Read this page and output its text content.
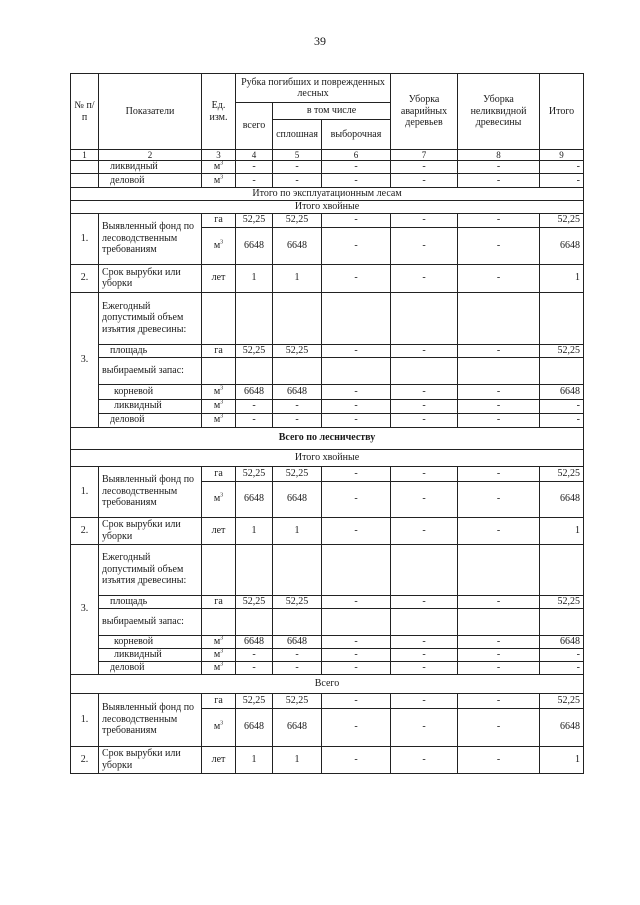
39
№ п/п	Показатели	Ед. изм.	Рубка погибших и поврежденных лесных			Уборка аварийных деревьев	Уборка неликвидной древесины	Итого
			всего	в том числе				
				сплошная	выборочная			
1	2	3	4	5	6	7	8	9
	ликвидный	$м^3$	-	-	-	-	-	-
	деловой	$м^3$	-	-	-	-	-	-
Итого по эксплуатационным лесам								
Итого хвойные								
1.	Выявленный фонд по лесоводственным требованиям	га	52,25	52,25	-	-	-	52,25
		$м^3$	6648	6648	-	-	-	6648
2.	Срок вырубки или уборки	лет	1	1	-	-	-	1
3.	Ежегодный допустимый объем изъятия древесины:							
	площадь	га	52,25	52,25	-	-	-	52,25
	выбираемый запас:							
	корневой	$м^3$	6648	6648	-	-	-	6648
	ликвидный	$м^3$	-	-	-	-	-	-
	деловой	$м^3$	-	-	-	-	-	-
Всего по лесничеству								
Итого хвойные								
1.	Выявленный фонд по лесоводственным требованиям	га	52,25	52,25	-	-	-	52,25
		$м^3$	6648	6648	-	-	-	6648
2.	Срок вырубки или уборки	лет	1	1	-	-	-	1
3.	Ежегодный допустимый объем изъятия древесины:							
	площадь	га	52,25	52,25	-	-	-	52,25
	выбираемый запас:							
	корневой	$м^3$	6648	6648	-	-	-	6648
	ликвидный	$м^3$	-	-	-	-	-	-
	деловой	$м^3$	-	-	-	-	-	-
Всего								
1.	Выявленный фонд по лесоводственным требованиям	га	52,25	52,25	-	-	-	52,25
		$м^3$	6648	6648	-	-	-	6648
2.	Срок вырубки или уборки	лет	1	1	-	-	-	1
